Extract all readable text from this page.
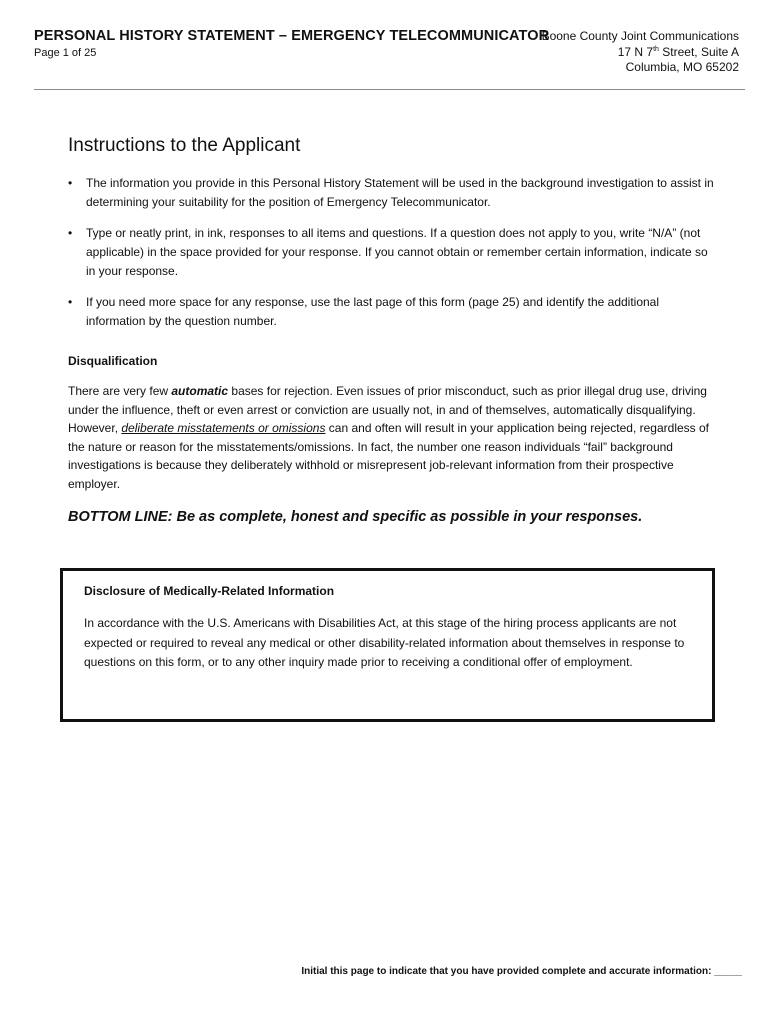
PERSONAL HISTORY STATEMENT – EMERGENCY TELECOMMUNICATOR
Page 1 of 25
Boone County Joint Communications
17 N 7th Street, Suite A
Columbia, MO 65202
Instructions to the Applicant
• The information you provide in this Personal History Statement will be used in the background investigation to assist in determining your suitability for the position of Emergency Telecommunicator.
• Type or neatly print, in ink, responses to all items and questions. If a question does not apply to you, write “N/A” (not applicable) in the space provided for your response. If you cannot obtain or remember certain information, indicate so in your response.
• If you need more space for any response, use the last page of this form (page 25) and identify the additional information by the question number.
Disqualification
There are very few automatic bases for rejection. Even issues of prior misconduct, such as prior illegal drug use, driving under the influence, theft or even arrest or conviction are usually not, in and of themselves, automatically disqualifying. However, deliberate misstatements or omissions can and often will result in your application being rejected, regardless of the nature or reason for the misstatements/omissions. In fact, the number one reason individuals “fail” background investigations is because they deliberately withhold or misrepresent job-relevant information from their prospective employer.
BOTTOM LINE: Be as complete, honest and specific as possible in your responses.
Disclosure of Medically-Related Information
In accordance with the U.S. Americans with Disabilities Act, at this stage of the hiring process applicants are not expected or required to reveal any medical or other disability-related information about themselves in response to questions on this form, or to any other inquiry made prior to receiving a conditional offer of employment.
Initial this page to indicate that you have provided complete and accurate information: _____
